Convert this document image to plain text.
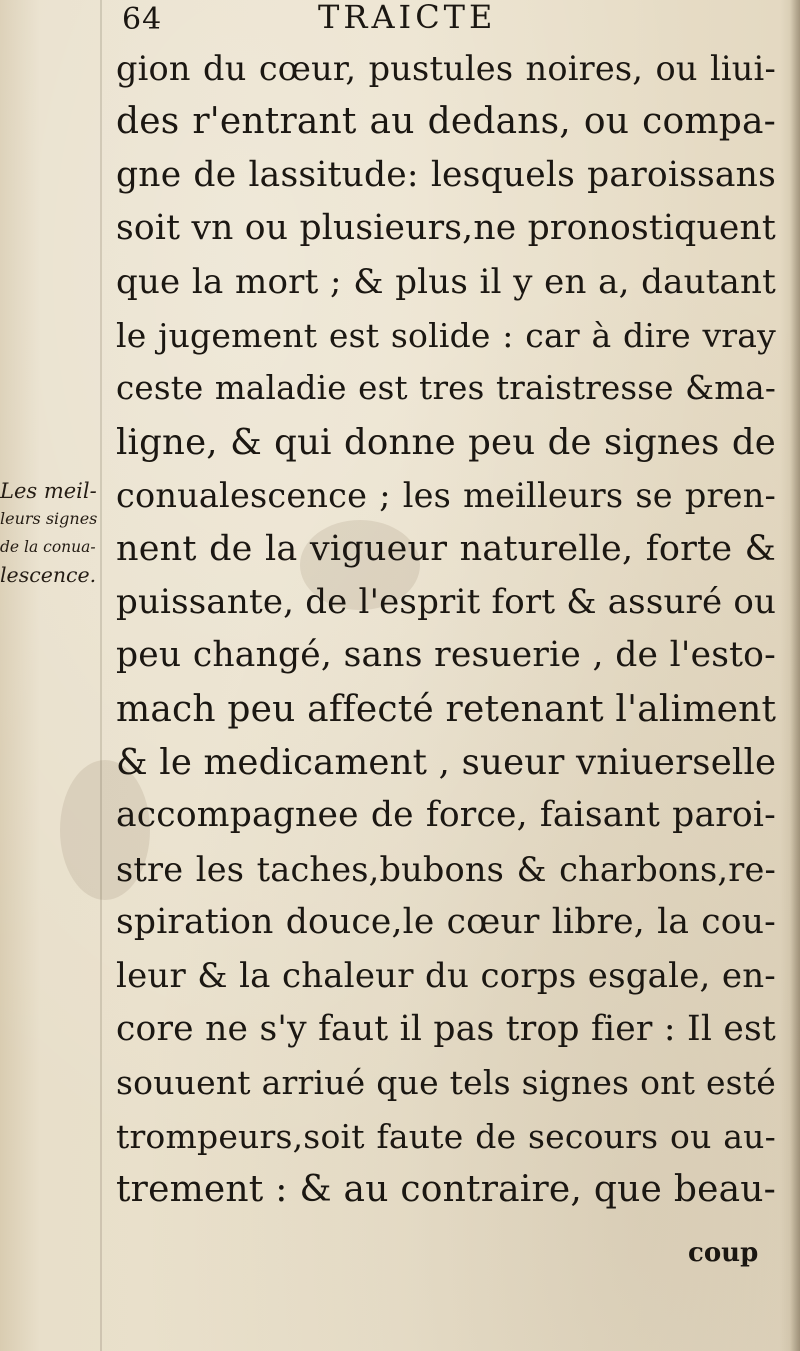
64	TRAICTE
Les meil-
leurs signes
de la conua-
lescence.
gion du cœur, pustules noires, ou liui-
des r'entrant au dedans, ou compa-
gne de lassitude: lesquels paroissans
soit vn ou plusieurs,ne pronostiquent
que la mort ; & plus il y en a, dautant
le jugement est solide : car à dire vray
ceste maladie est tres traistresse &ma-
ligne, & qui donne peu de signes de
conualescence ; les meilleurs se pren-
nent de la vigueur naturelle, forte &
puissante, de l'esprit fort & assuré ou
peu changé, sans resuerie , de l'esto-
mach peu affecté retenant l'aliment
& le medicament , sueur vniuerselle
accompagnee de force, faisant paroi-
stre les taches,bubons & charbons,re-
spiration douce,le cœur libre, la cou-
leur & la chaleur du corps esgale, en-
core ne s'y faut il pas trop fier : Il est
souuent arriué que tels signes ont esté
trompeurs,soit faute de secours ou au-
trement : & au contraire, que beau-
coup
